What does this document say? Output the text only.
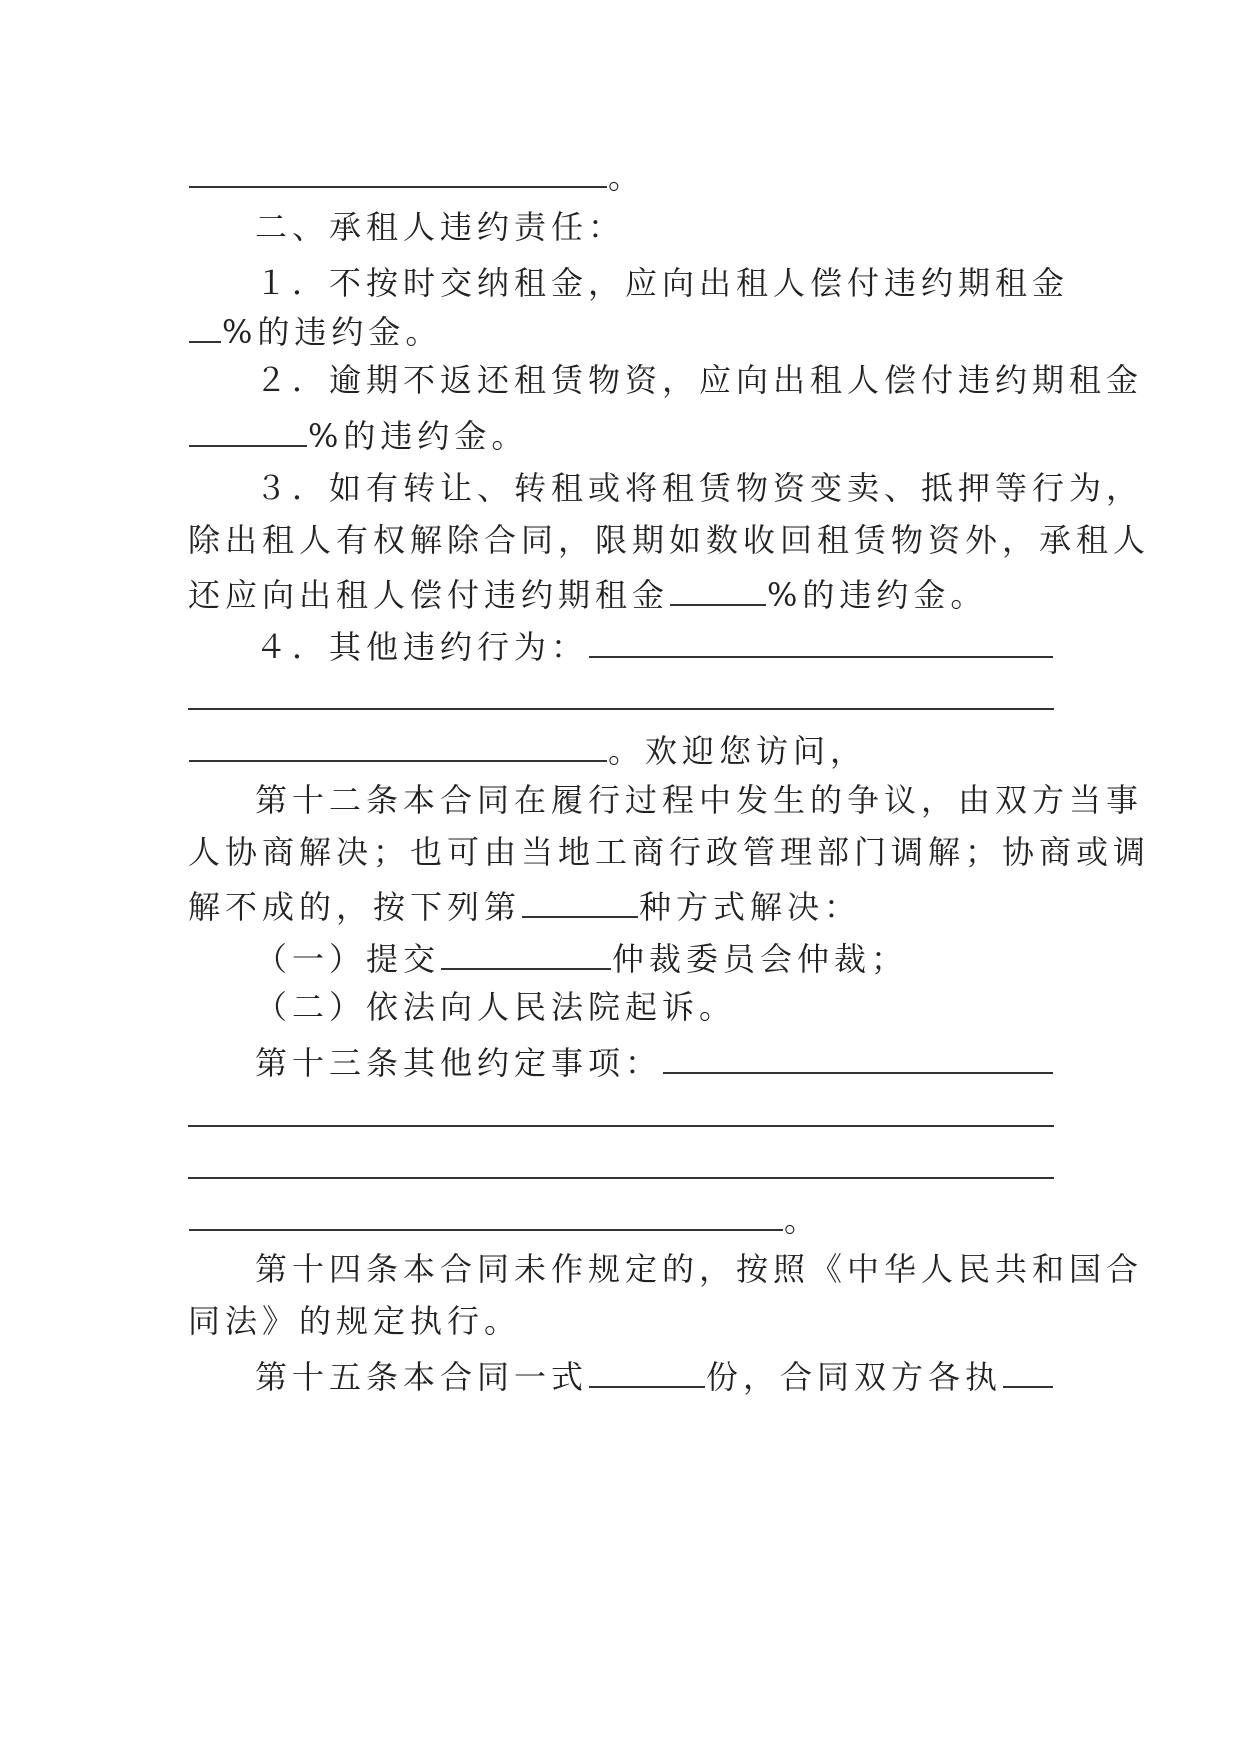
。
二、承租人违约责任：
１．不按时交纳租金，应向出租人偿付违约期租金
%的违约金。
２．逾期不返还租赁物资，应向出租人偿付违约期租金
%的违约金。
３．如有转让、转租或将租赁物资变卖、抵押等行为，
除出租人有权解除合同，限期如数收回租赁物资外，承租人
还应向出租人偿付违约期租金	%的违约金。
４．其他违约行为：
。欢迎您访问，
第十二条本合同在履行过程中发生的争议，由双方当事
人协商解决；也可由当地工商行政管理部门调解；协商或调
解不成的，按下列第	种方式解决：
（一）提交	仲裁委员会仲裁；
（二）依法向人民法院起诉。
第十三条其他约定事项：
。
第十四条本合同未作规定的，按照《中华人民共和国合
同法》的规定执行。
第十五条本合同一式	份，合同双方各执
